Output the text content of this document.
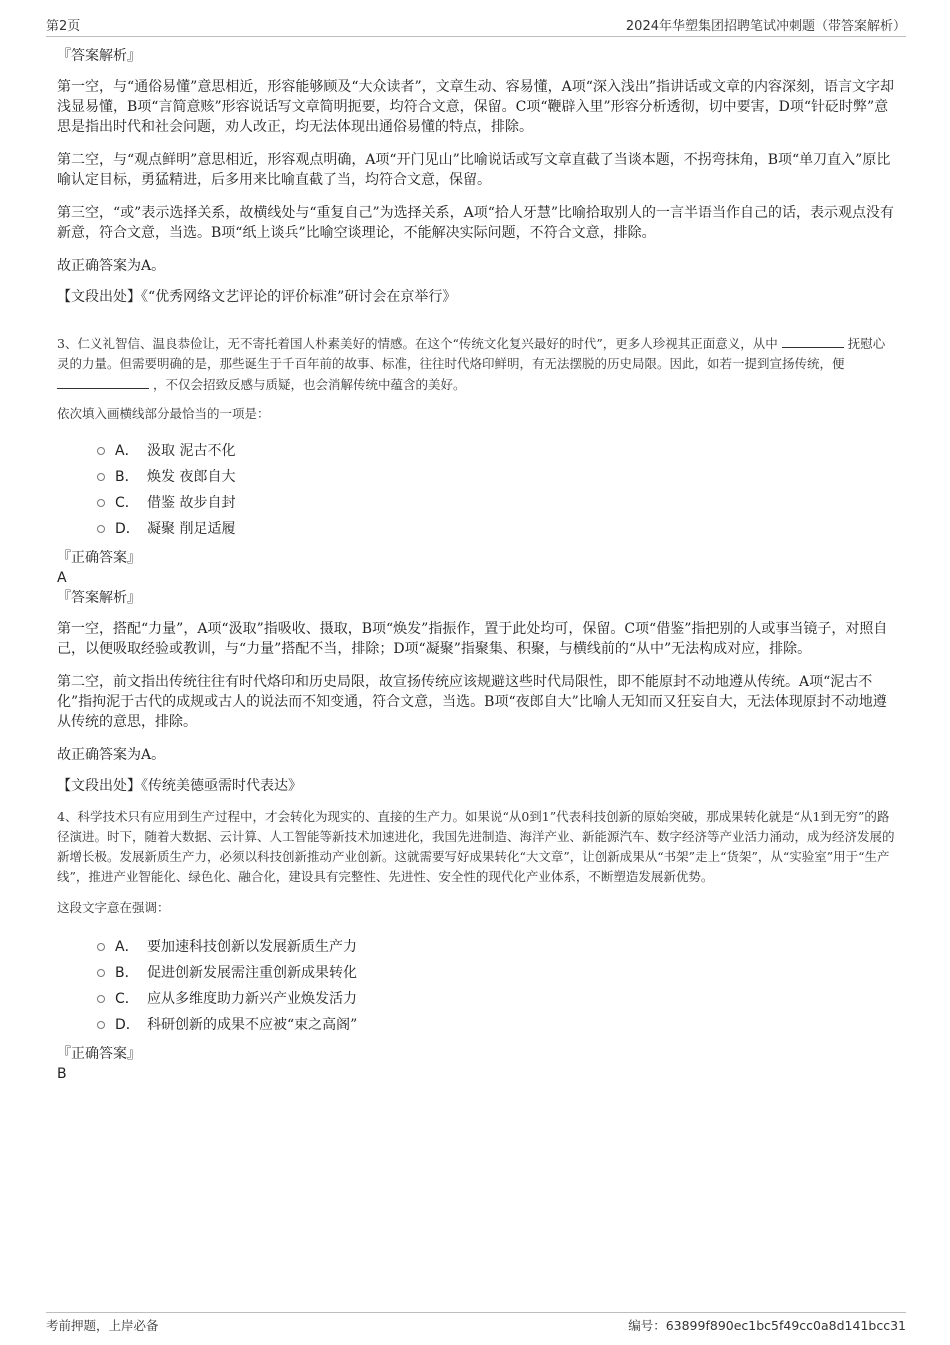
第2页	2024年华塑集团招聘笔试冲刺题（带答案解析）

『答案解析』

第一空，与“通俗易懂”意思相近，形容能够顾及“大众读者”，文章生动、容易懂，A项“深入浅出”指讲话或文章的内容深刻，语言文字却浅显易懂，B项“言简意赅”形容说话写文章简明扼要，均符合文意，保留。C项“鞭辟入里”形容分析透彻，切中要害，D项“针砭时弊”意思是指出时代和社会问题，劝人改正，均无法体现出通俗易懂的特点，排除。

第二空，与“观点鲜明”意思相近，形容观点明确，A项“开门见山”比喻说话或写文章直截了当谈本题，不拐弯抹角，B项“单刀直入”原比喻认定目标，勇猛精进，后多用来比喻直截了当，均符合文意，保留。

第三空，“或”表示选择关系，故横线处与“重复自己”为选择关系，A项“拾人牙慧”比喻拾取别人的一言半语当作自己的话，表示观点没有新意，符合文意，当选。B项“纸上谈兵”比喻空谈理论，不能解决实际问题，不符合文意，排除。

故正确答案为A。

【文段出处】《“优秀网络文艺评论的评价标准”研讨会在京举行》

3、仁义礼智信、温良恭俭让，无不寄托着国人朴素美好的情感。在这个“传统文化复兴最好的时代”，更多人珍视其正面意义，从中	抚慰心灵的力量。但需要明确的是，那些诞生于千百年前的故事、标准，往往时代烙印鲜明，有无法摆脱的历史局限。因此，如若一提到宣扬传统，便  ，不仅会招致反感与质疑，也会消解传统中蕴含的美好。

依次填入画横线部分最恰当的一项是：

A． 汲取 泥古不化
B． 焕发 夜郎自大
C． 借鉴 故步自封
D． 凝聚 削足适履

『正确答案』

A

『答案解析』

第一空，搭配“力量”，A项“汲取”指吸收、摄取，B项“焕发”指振作，置于此处均可，保留。C项“借鉴”指把别的人或事当镜子，对照自己，以便吸取经验或教训，与“力量”搭配不当，排除；D项“凝聚”指聚集、积聚，与横线前的“从中”无法构成对应，排除。

第二空，前文指出传统往往有时代烙印和历史局限，故宣扬传统应该规避这些时代局限性，即不能原封不动地遵从传统。A项“泥古不化”指拘泥于古代的成规或古人的说法而不知变通，符合文意，当选。B项“夜郎自大”比喻人无知而又狂妄自大，无法体现原封不动地遵从传统的意思，排除。

故正确答案为A。

【文段出处】《传统美德亟需时代表达》

4、科学技术只有应用到生产过程中，才会转化为现实的、直接的生产力。如果说“从0到1”代表科技创新的原始突破，那成果转化就是“从1到无穷”的路径演进。时下，随着大数据、云计算、人工智能等新技术加速进化，我国先进制造、海洋产业、新能源汽车、数字经济等产业活力涌动，成为经济发展的新增长极。发展新质生产力，必须以科技创新推动产业创新。这就需要写好成果转化“大文章”，让创新成果从“书架”走上“货架”，从“实验室”用于“生产线”，推进产业智能化、绿色化、融合化，建设具有完整性、先进性、安全性的现代化产业体系，不断塑造发展新优势。

这段文字意在强调：

A． 要加速科技创新以发展新质生产力
B． 促进创新发展需注重创新成果转化
C． 应从多维度助力新兴产业焕发活力
D． 科研创新的成果不应被“束之高阁”

『正确答案』

B

考前押题，上岸必备	编号：63899f890ec1bc5f49cc0a8d141bcc31
